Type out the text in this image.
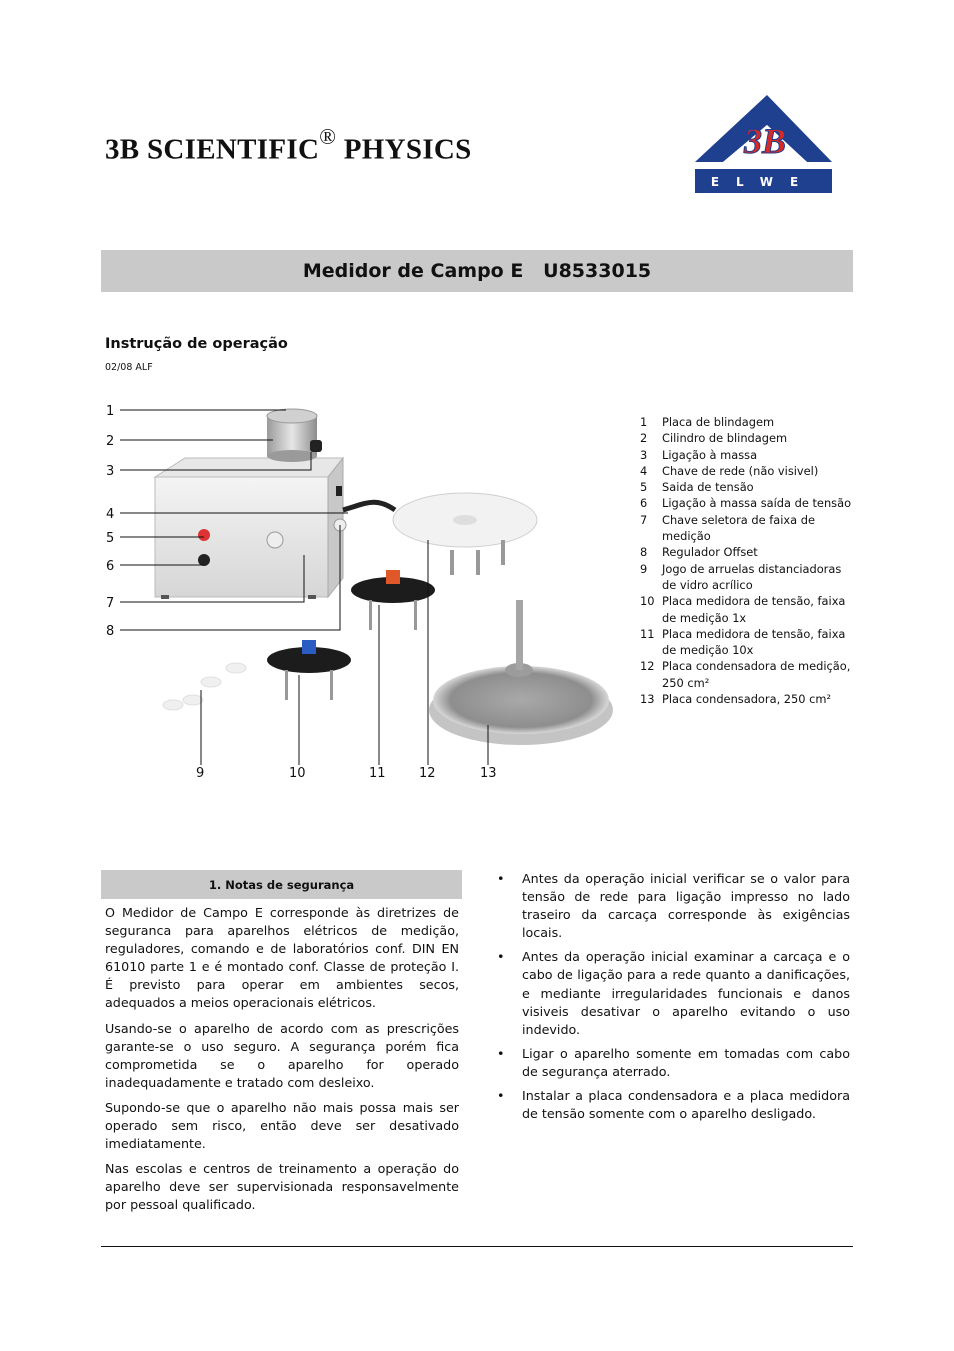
3B SCIENTIFIC® PHYSICS	3B
ELWE
Medidor de Campo E   U8533015
Instrução de operação
02/08 ALF
1
2
3
4
5
6
7
8
9	10	11	12	13
1	Placa de blindagem
2	Cilindro de blindagem
3	Ligação à massa
4	Chave de rede (não visivel)
5	Saida de tensão
6	Ligação à massa saída de tensão
7	Chave seletora de faixa de medição
8	Regulador Offset
9	Jogo de arruelas distanciadoras de vidro acrílico
10 Placa medidora de tensão, faixa de medição 1x
11 Placa medidora de tensão, faixa de medição 10x
12 Placa condensadora de medição, 250 cm²
13 Placa condensadora, 250 cm²
1. Notas de segurança

O Medidor de Campo E corresponde às diretrizes de seguranca para aparelhos elétricos de medição, reguladores, comando e de laboratórios conf. DIN EN 61010 parte 1 e é montado conf. Classe de proteção I. É previsto para operar em ambientes secos, adequados a meios operacionais elétricos.

Usando-se o aparelho de acordo com as prescrições garante-se o uso seguro. A segurança porém fica comprometida se o aparelho for operado inadequadamente e tratado com desleixo.

Supondo-se que o aparelho não mais possa mais ser operado sem risco, então deve ser desativado imediatamente.

Nas escolas e centros de treinamento a operação do aparelho deve ser supervisionada responsavelmente por pessoal qualificado.

•	Antes da operação inicial verificar se o valor para tensão de rede para ligação impresso no lado traseiro da carcaça corresponde às exigências locais.
•	Antes da operação inicial examinar a carcaça e o cabo de ligação para a rede quanto a danificações, e mediante irregularidades funcionais e danos visiveis desativar o aparelho evitando o uso indevido.
•	Ligar o aparelho somente em tomadas com cabo de segurança aterrado.
•	Instalar a placa condensadora e a placa medidora de tensão somente com o aparelho desligado.
